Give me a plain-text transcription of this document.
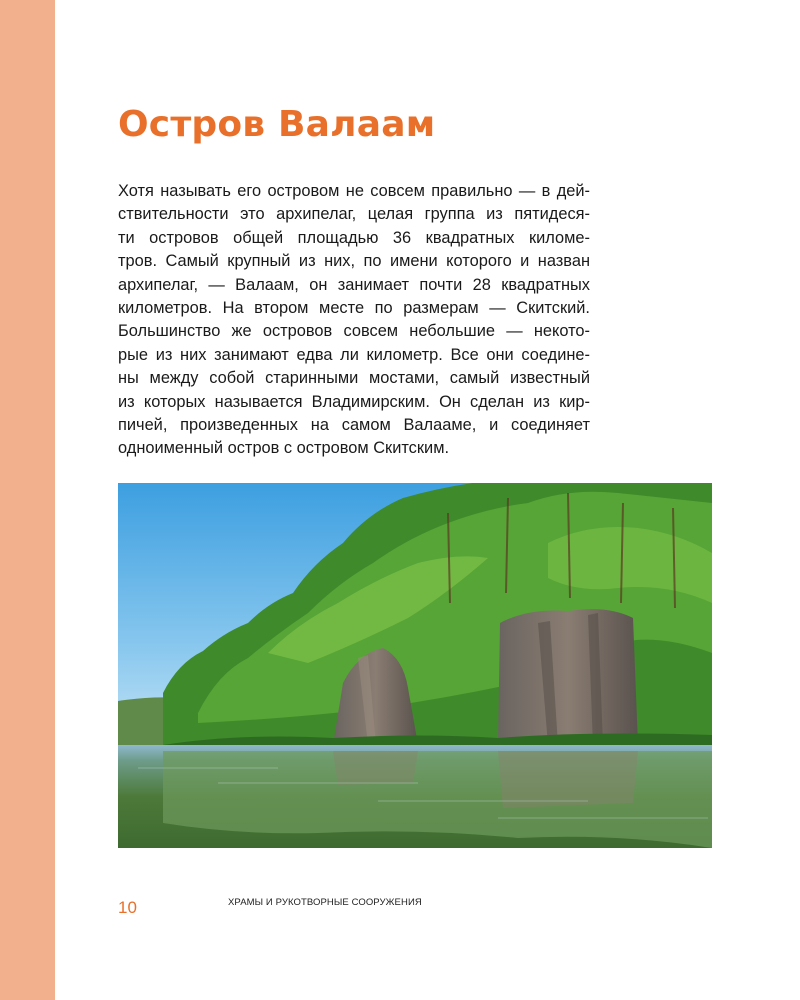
Остров Валаам
Хотя называть его островом не совсем правильно — в дей-
ствительности это архипелаг, целая группа из пятидеся-
ти островов общей площадью 36 квадратных киломе-
тров. Самый крупный из них, по имени которого и назван
архипелаг, — Валаам, он занимает почти 28 квадратных
километров. На втором месте по размерам — Скитский.
Большинство же островов совсем небольшие — некото-
рые из них занимают едва ли километр. Все они соедине-
ны между собой старинными мостами, самый известный
из которых называется Владимирским. Он сделан из кир-
пичей, произведенных на самом Валааме, и соединяет
одноименный остров с островом Скитским.
10	ХРАМЫ И РУКОТВОРНЫЕ СООРУЖЕНИЯ
